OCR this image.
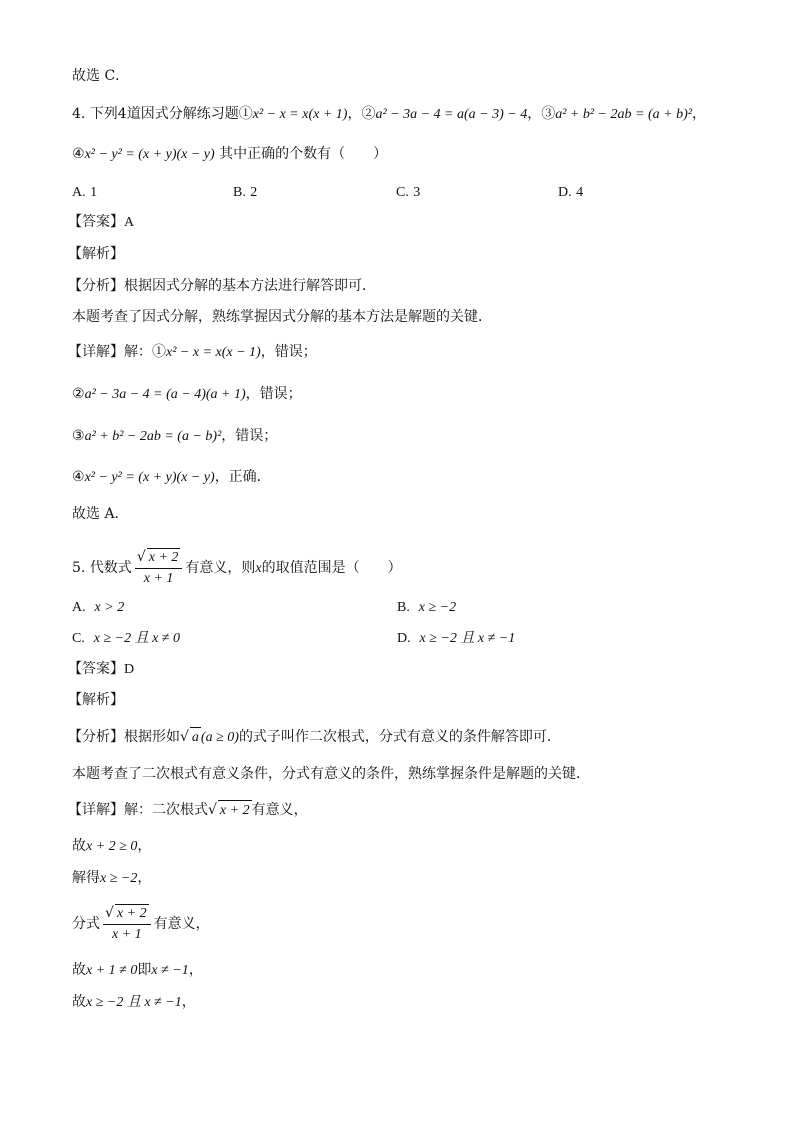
故选 C．
4. 下列4道因式分解练习题①x² − x = x(x + 1)，②a² − 3a − 4 = a(a − 3) − 4，③a² + b² − 2ab = (a + b)²，
④x² − y² = (x + y)(x − y) 其中正确的个数有（　　）
A. 1	B. 2	C. 3	D. 4
【答案】A
【解析】
【分析】根据因式分解的基本方法进行解答即可．
本题考查了因式分解，熟练掌握因式分解的基本方法是解题的关键．
【详解】解：①x² − x = x(x − 1)，错误；
②a² − 3a − 4 = (a − 4)(a + 1)，错误；
③a² + b² − 2ab = (a − b)²，错误；
④x² − y² = (x + y)(x − y)，正确．
故选 A．
5. 代数式 $\frac{√ x + 2}{x + 1}$ 有意义，则x的取值范围是（　　）
A. x > 2	B. x ≥ −2
C. x ≥ −2 且 x ≠ 0	D. x ≥ −2 且 x ≠ −1
【答案】D
【解析】
【分析】根据形如√ a (a ≥ 0)的式子叫作二次根式，分式有意义的条件解答即可．
本题考查了二次根式有意义条件，分式有意义的条件，熟练掌握条件是解题的关键．
【详解】解：二次根式√ x + 2 有意义，
故x + 2 ≥ 0，
解得x ≥ −2，
分式 $\frac{√ x + 2}{x + 1}$ 有意义，
故x + 1 ≠ 0即x ≠ −1，
故x ≥ −2 且 x ≠ −1，
